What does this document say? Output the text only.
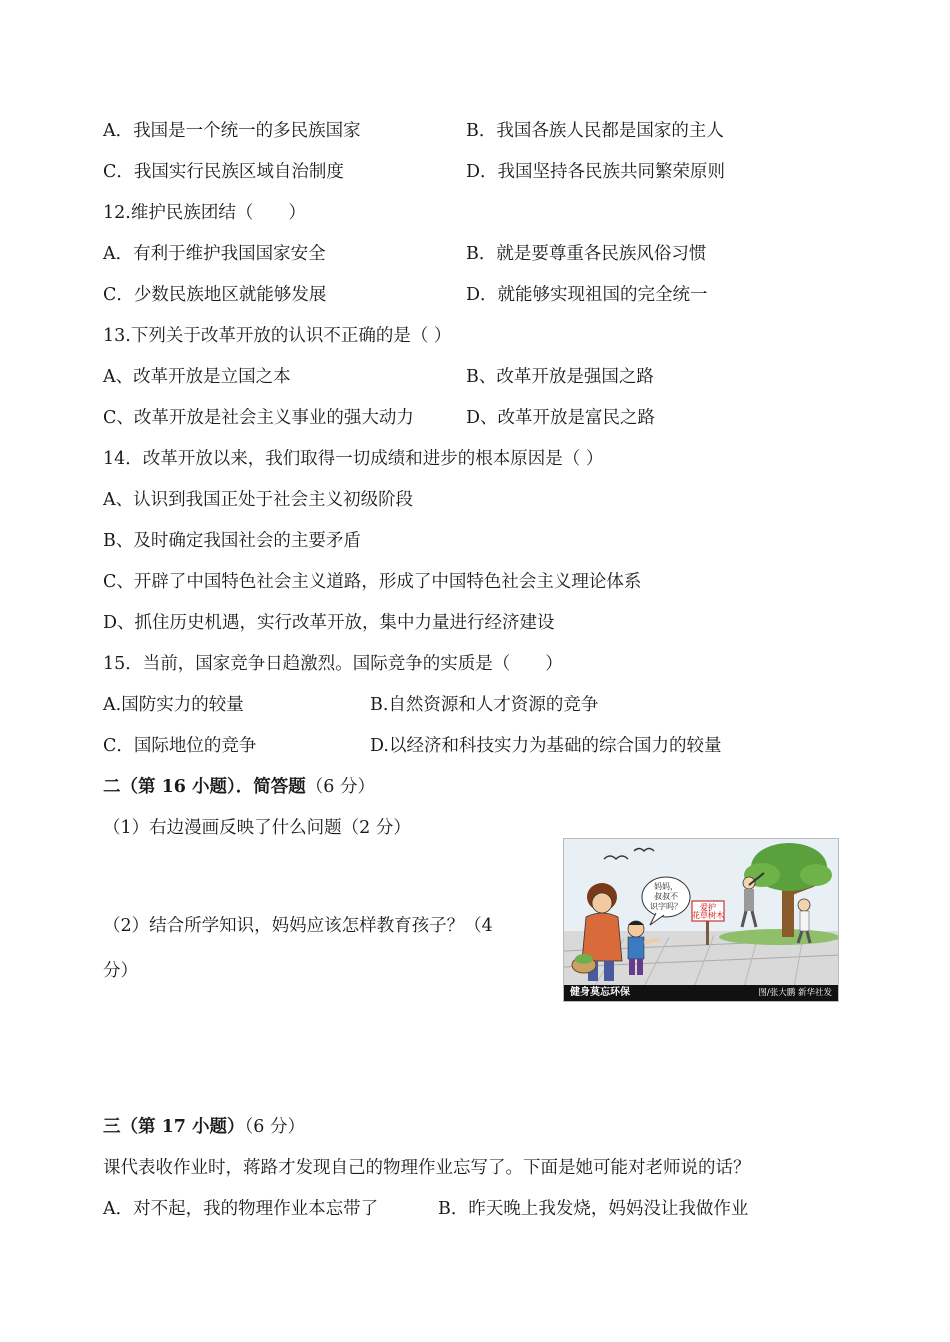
A．我国是一个统一的多民族国家	B．我国各族人民都是国家的主人
C．我国实行民族区域自治制度	D．我国坚持各民族共同繁荣原则
12.维护民族团结（　　）
A．有利于维护我国国家安全	B．就是要尊重各民族风俗习惯
C．少数民族地区就能够发展	D．就能够实现祖国的完全统一
13.下列关于改革开放的认识不正确的是（ ）
A、改革开放是立国之本	B、改革开放是强国之路
C、改革开放是社会主义事业的强大动力	D、改革开放是富民之路
14．改革开放以来，我们取得一切成绩和进步的根本原因是（ ）
A、认识到我国正处于社会主义初级阶段
B、及时确定我国社会的主要矛盾
C、开辟了中国特色社会主义道路，形成了中国特色社会主义理论体系
D、抓住历史机遇，实行改革开放，集中力量进行经济建设
15．当前，国家竞争日趋激烈。国际竞争的实质是（　　）
A.国防实力的较量	B.自然资源和人才资源的竞争
C．国际地位的竞争	D.以经济和科技实力为基础的综合国力的较量
二（第 16 小题）．简答题（6 分）
（1）右边漫画反映了什么问题（2 分）
（2）结合所学知识，妈妈应该怎样教育孩子？（4
分）
爱护
花草树木
妈妈，
叔叔不
识字吗？
健身莫忘环保	图/张大鹏 新华社发
三（第 17 小题）（6 分）
课代表收作业时，蒋路才发现自己的物理作业忘写了。下面是她可能对老师说的话？
A．对不起，我的物理作业本忘带了	B．昨天晚上我发烧，妈妈没让我做作业
